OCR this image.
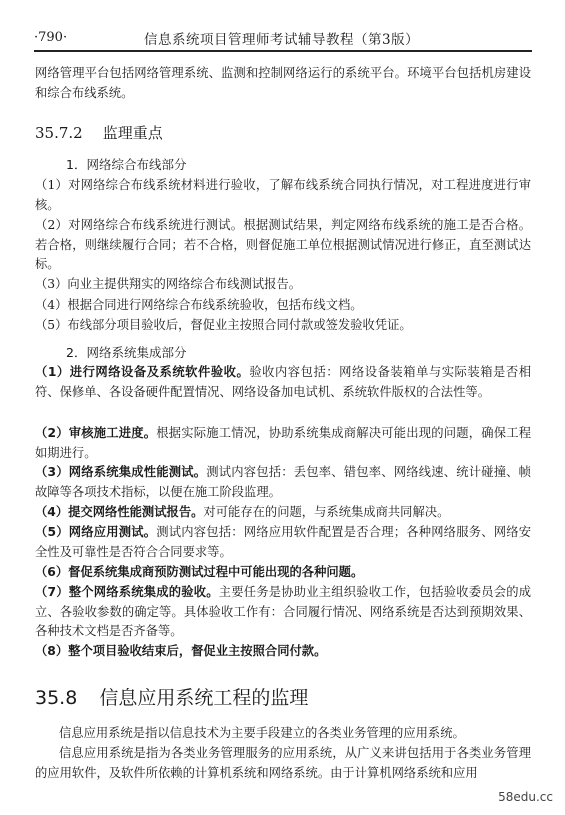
·790·	信息系统项目管理师考试辅导教程（第3版）

网络管理平台包括网络管理系统、监测和控制网络运行的系统平台。环境平台包括机房建设和综合布线系统。

35.7.2 监理重点
1．网络综合布线部分
（1）对网络综合布线系统材料进行验收，了解布线系统合同执行情况，对工程进度进行审核。
（2）对网络综合布线系统进行测试。根据测试结果，判定网络布线系统的施工是否合格。若合格，则继续履行合同；若不合格，则督促施工单位根据测试情况进行修正，直至测试达标。
（3）向业主提供翔实的网络综合布线测试报告。
（4）根据合同进行网络综合布线系统验收，包括布线文档。
（5）布线部分项目验收后，督促业主按照合同付款或签发验收凭证。
2．网络系统集成部分
（1）进行网络设备及系统软件验收。验收内容包括：网络设备装箱单与实际装箱是否相符、保修单、各设备硬件配置情况、网络设备加电试机、系统软件版权的合法性等。
（2）审核施工进度。根据实际施工情况，协助系统集成商解决可能出现的问题，确保工程如期进行。
（3）网络系统集成性能测试。测试内容包括：丢包率、错包率、网络线速、统计碰撞、帧故障等各项技术指标，以便在施工阶段监理。
（4）提交网络性能测试报告。对可能存在的问题，与系统集成商共同解决。
（5）网络应用测试。测试内容包括：网络应用软件配置是否合理；各种网络服务、网络安全性及可靠性是否符合合同要求等。
（6）督促系统集成商预防测试过程中可能出现的各种问题。
（7）整个网络系统集成的验收。主要任务是协助业主组织验收工作，包括验收委员会的成立、各验收参数的确定等。具体验收工作有：合同履行情况、网络系统是否达到预期效果、各种技术文档是否齐备等。
（8）整个项目验收结束后，督促业主按照合同付款。
35.8 信息应用系统工程的监理
信息应用系统是指以信息技术为主要手段建立的各类业务管理的应用系统。
信息应用系统是指为各类业务管理服务的应用系统，从广义来讲包括用于各类业务管理的应用软件，及软件所依赖的计算机系统和网络系统。由于计算机网络系统和应用
58edu.cc
